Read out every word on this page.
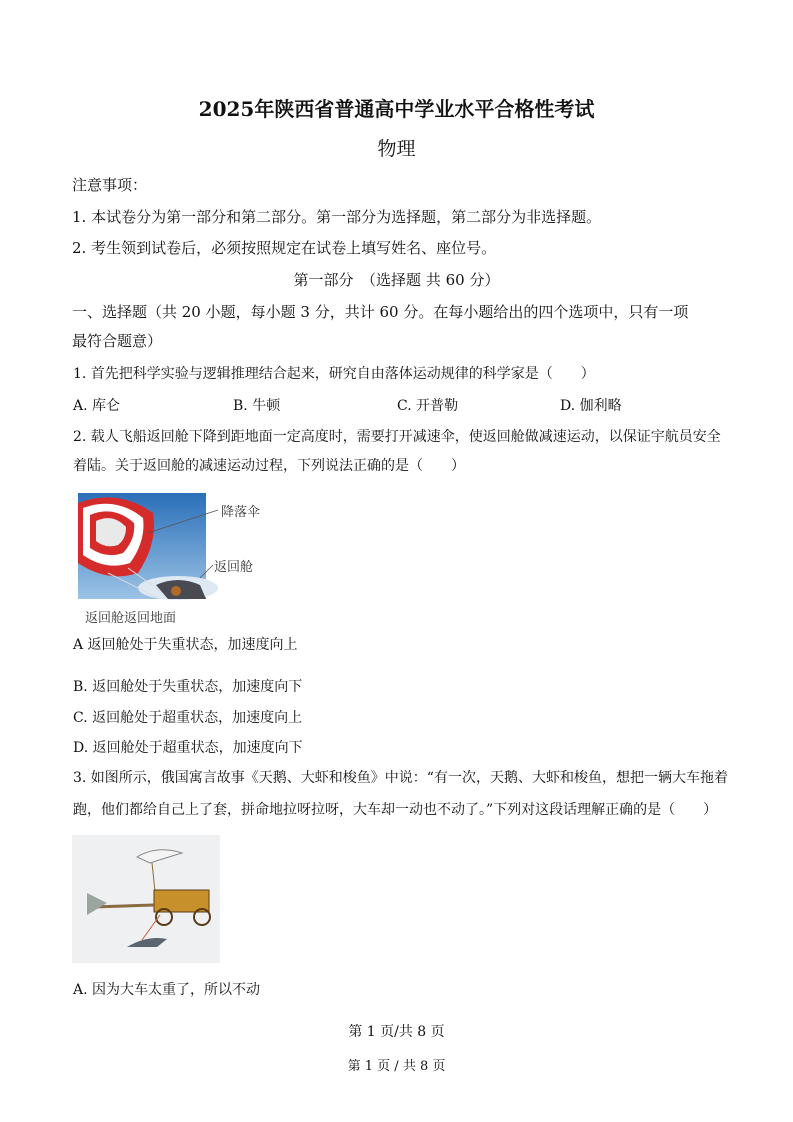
2025年陕西省普通高中学业水平合格性考试
物理
注意事项：
1. 本试卷分为第一部分和第二部分。第一部分为选择题，第二部分为非选择题。
2. 考生领到试卷后，必须按照规定在试卷上填写姓名、座位号。
第一部分　（选择题 共 60 分）
一、选择题（共 20 小题，每小题 3 分，共计 60 分。在每小题给出的四个选项中，只有一项
最符合题意）
1. 首先把科学实验与逻辑推理结合起来，研究自由落体运动规律的科学家是（　　）
A. 库仑	B. 牛顿	C. 开普勒	D. 伽利略
2. 载人飞船返回舱下降到距地面一定高度时，需要打开减速伞，使返回舱做减速运动，以保证宇航员安全
着陆。关于返回舱的减速运动过程，下列说法正确的是（　　）
降落伞
返回舱
返回舱返回地面
A 返回舱处于失重状态，加速度向上
B. 返回舱处于失重状态，加速度向下
C. 返回舱处于超重状态，加速度向上
D. 返回舱处于超重状态，加速度向下
3. 如图所示，俄国寓言故事《天鹅、大虾和梭鱼》中说：“有一次，天鹅、大虾和梭鱼，想把一辆大车拖着
跑，他们都给自己上了套，拼命地拉呀拉呀，大车却一动也不动了。”下列对这段话理解正确的是（　　）
A. 因为大车太重了，所以不动
第 1 页/共 8 页
第 1 页 / 共 8 页
